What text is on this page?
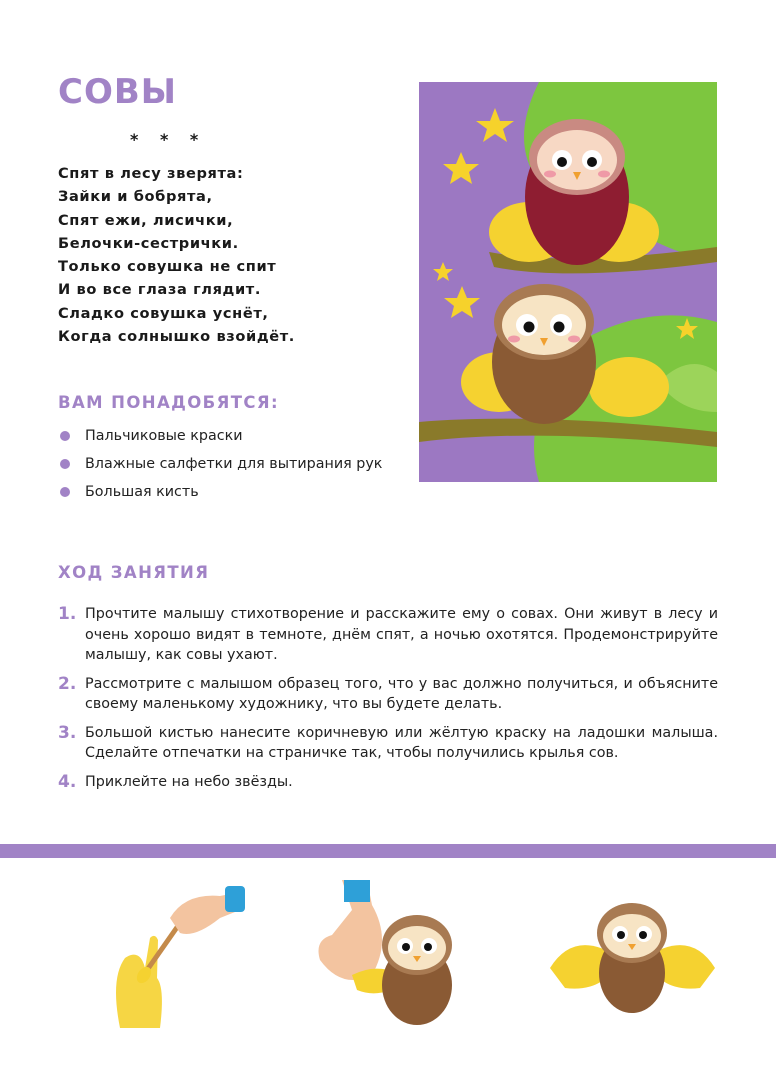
СОВЫ
* * *
Спят в лесу зверята:
Зайки и бобрята,
Спят ежи, лисички,
Белочки-сестрички.
Только совушка не спит
И во все глаза глядит.
Сладко совушка уснёт,
Когда солнышко взойдёт.
ВАМ ПОНАДОБЯТСЯ:
Пальчиковые краски
Влажные салфетки для вытирания рук
Большая кисть
ХОД ЗАНЯТИЯ
1. Прочтите малышу стихотворение и расскажите ему о совах. Они живут в лесу и очень хорошо видят в темноте, днём спят, а ночью охотятся. Продемонстрируйте малышу, как совы ухают.
2. Рассмотрите с малышом образец того, что у вас должно получиться, и объясните своему маленькому художнику, что вы будете делать.
3. Большой кистью нанесите коричневую или жёлтую краску на ладошки малыша. Сделайте отпечатки на страничке так, чтобы получились крылья сов.
4. Приклейте на небо звёзды.
